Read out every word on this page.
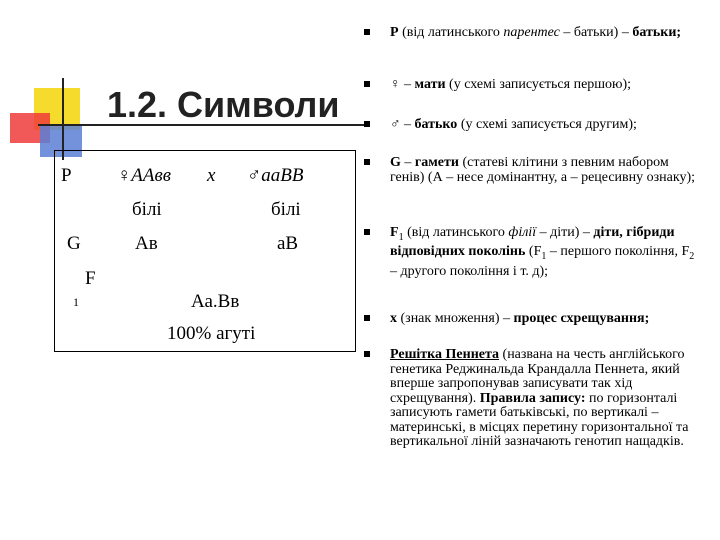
1.2. Символи
P ♀ААвв х ♂ааВВ
білі	білі
G	Ав	аВ
F
1	Аа.Вв
100% агуті
Р (від латинського парентес – батьки) – батьки;
♀ – мати (у схемі записується першою);
♂ – батько (у схемі записується другим);
G – гамети (статеві клітини з певним набором генів) (А – несе домінантну, а – рецесивну ознаку);
$F_1$ (від латинського філії – діти) – діти, гібриди відповідних поколінь ($F_1$ – першого покоління, $F_2$ – другого покоління і т. д);
х (знак множення) – процес схрещування;
Решітка Пеннета (названа на честь англійського генетика Реджинальда Крандалла Пеннета, який вперше запропонував записувати так хід схрещування). Правила запису: по горизонталі записують гамети батьківські, по вертикалі – материнські, в місцях перетину горизонтальної та вертикальної ліній зазначають генотип нащадків.
